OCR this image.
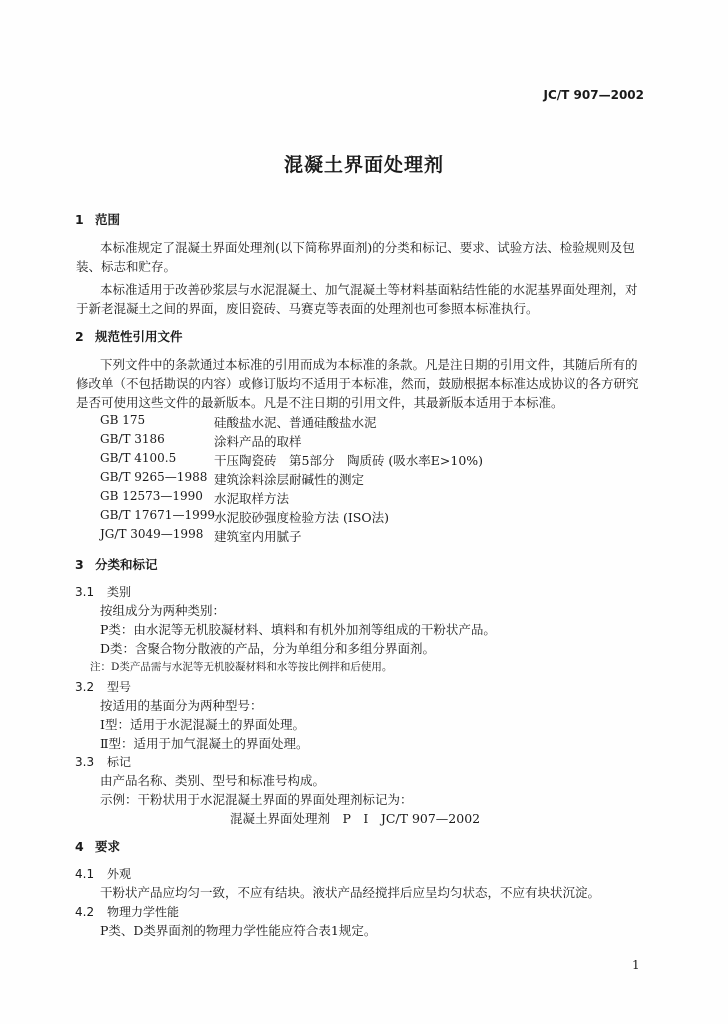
JC/T 907—2002
混凝土界面处理剂
1 范围
本标准规定了混凝土界面处理剂(以下简称界面剂)的分类和标记、要求、试验方法、检验规则及包
装、标志和贮存。
本标准适用于改善砂浆层与水泥混凝土、加气混凝土等材料基面粘结性能的水泥基界面处理剂，对
于新老混凝土之间的界面，废旧瓷砖、马赛克等表面的处理剂也可参照本标准执行。
2 规范性引用文件
下列文件中的条款通过本标准的引用而成为本标准的条款。凡是注日期的引用文件，其随后所有的
修改单（不包括勘误的内容）或修订版均不适用于本标准，然而，鼓励根据本标准达成协议的各方研究
是否可使用这些文件的最新版本。凡是不注日期的引用文件，其最新版本适用于本标准。
GB 175	硅酸盐水泥、普通硅酸盐水泥
GB/T 3186	涂料产品的取样
GB/T 4100.5	干压陶瓷砖　第5部分　陶质砖 (吸水率E>10%)
GB/T 9265—1988 建筑涂料涂层耐碱性的测定
GB 12573—1990 水泥取样方法
GB/T 17671—1999 水泥胶砂强度检验方法 (ISO法)
JG/T 3049—1998 建筑室内用腻子
3 分类和标记
3.1 类别
按组成分为两种类别：
P类：由水泥等无机胶凝材料、填料和有机外加剂等组成的干粉状产品。
D类：含聚合物分散液的产品，分为单组分和多组分界面剂。
注：D类产品需与水泥等无机胶凝材料和水等按比例拌和后使用。
3.2 型号
按适用的基面分为两种型号：
Ⅰ型：适用于水泥混凝土的界面处理。
Ⅱ型：适用于加气混凝土的界面处理。
3.3 标记
由产品名称、类别、型号和标准号构成。
示例：干粉状用于水泥混凝土界面的界面处理剂标记为：
混凝土界面处理剂　P　Ⅰ　JC/T 907—2002
4 要求
4.1 外观
干粉状产品应均匀一致，不应有结块。液状产品经搅拌后应呈均匀状态，不应有块状沉淀。
4.2 物理力学性能
P类、D类界面剂的物理力学性能应符合表1规定。
1
